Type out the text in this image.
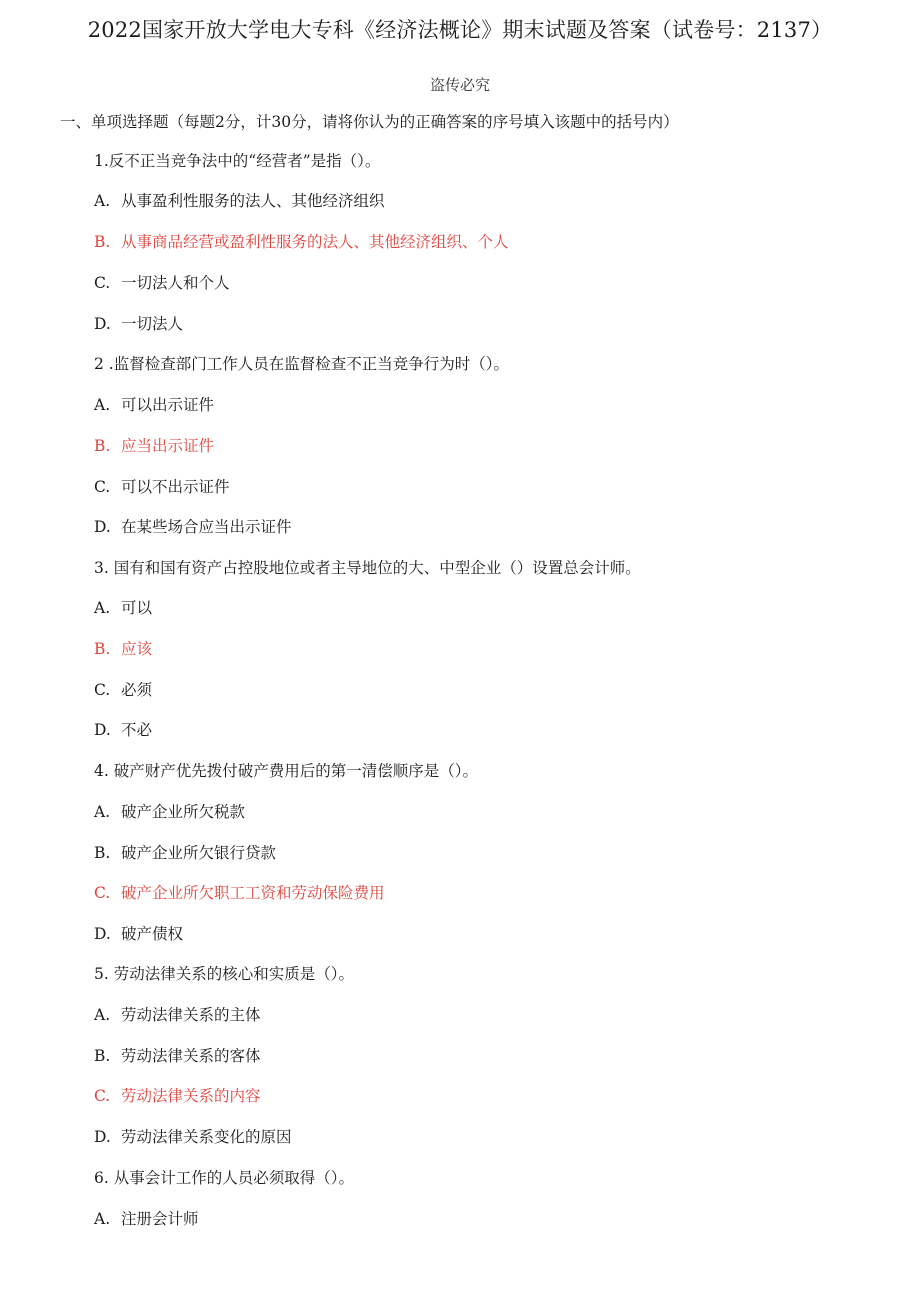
2022国家开放大学电大专科《经济法概论》期末试题及答案（试卷号：2137）
盗传必究
一、单项选择题（每题2分，计30分，请将你认为的正确答案的序号填入该题中的括号内）
1.反不正当竞争法中的“经营者”是指（）。
A. 从事盈利性服务的法人、其他经济组织
B. 从事商品经营或盈利性服务的法人、其他经济组织、个人
C. 一切法人和个人
D. 一切法人
2 .监督检查部门工作人员在监督检查不正当竞争行为时（）。
A. 可以出示证件
B. 应当出示证件
C. 可以不出示证件
D. 在某些场合应当出示证件
3. 国有和国有资产占控股地位或者主导地位的大、中型企业（）设置总会计师。
A. 可以
B. 应该
C. 必须
D. 不必
4. 破产财产优先拨付破产费用后的第一清偿顺序是（）。
A. 破产企业所欠税款
B. 破产企业所欠银行贷款
C. 破产企业所欠职工工资和劳动保险费用
D. 破产债权
5. 劳动法律关系的核心和实质是（）。
A. 劳动法律关系的主体
B. 劳动法律关系的客体
C. 劳动法律关系的内容
D. 劳动法律关系变化的原因
6. 从事会计工作的人员必须取得（）。
A. 注册会计师
